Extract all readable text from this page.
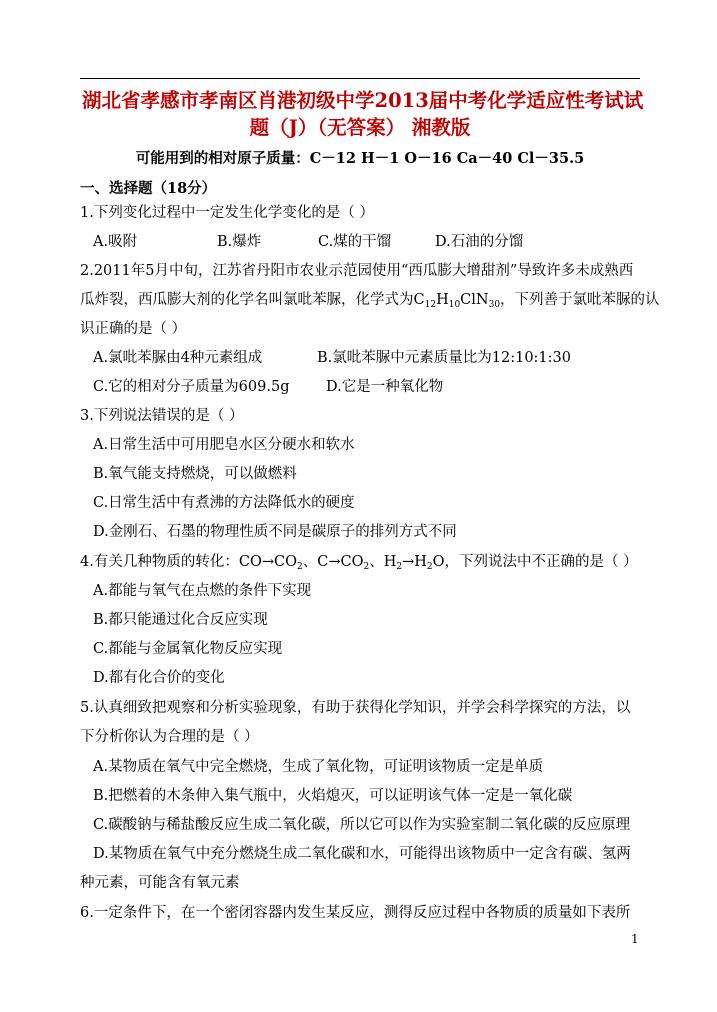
湖北省孝感市孝南区肖港初级中学2013届中考化学适应性考试试
题（J）（无答案） 湘教版
可能用到的相对原子质量：C－12 H－1 O－16 Ca－40 Cl－35.5
一、选择题（18分）
1.下列变化过程中一定发生化学变化的是（ ）
A.吸附	B.爆炸	C.煤的干馏	D.石油的分馏
2.2011年5月中旬，江苏省丹阳市农业示范园使用“西瓜膨大增甜剂”导致许多未成熟西
瓜炸裂，西瓜膨大剂的化学名叫氯吡苯脲，化学式为$C_{12}H_{10}ClN_{30}$，下列善于氯吡苯脲的认
识正确的是（ ）
A.氯吡苯脲由4种元素组成	B.氯吡苯脲中元素质量比为12:10:1:30
C.它的相对分子质量为609.5g	D.它是一种氧化物
3.下列说法错误的是（ ）
A.日常生活中可用肥皂水区分硬水和软水
B.氧气能支持燃烧，可以做燃料
C.日常生活中有煮沸的方法降低水的硬度
D.金刚石、石墨的物理性质不同是碳原子的排列方式不同
4.有关几种物质的转化：$CO\to CO_2$、$C\to CO_2$、$H_2\to H_2O$，下列说法中不正确的是（ ）
A.都能与氧气在点燃的条件下实现
B.都只能通过化合反应实现
C.都能与金属氧化物反应实现
D.都有化合价的变化
5.认真细致把观察和分析实验现象，有助于获得化学知识，并学会科学探究的方法，以
下分析你认为合理的是（ ）
A.某物质在氧气中完全燃烧，生成了氧化物，可证明该物质一定是单质
B.把燃着的木条伸入集气瓶中，火焰熄灭，可以证明该气体一定是一氧化碳
C.碳酸钠与稀盐酸反应生成二氧化碳，所以它可以作为实验室制二氧化碳的反应原理
D.某物质在氧气中充分燃烧生成二氧化碳和水，可能得出该物质中一定含有碳、氢两
种元素，可能含有氧元素
6.一定条件下，在一个密闭容器内发生某反应，测得反应过程中各物质的质量如下表所
1
